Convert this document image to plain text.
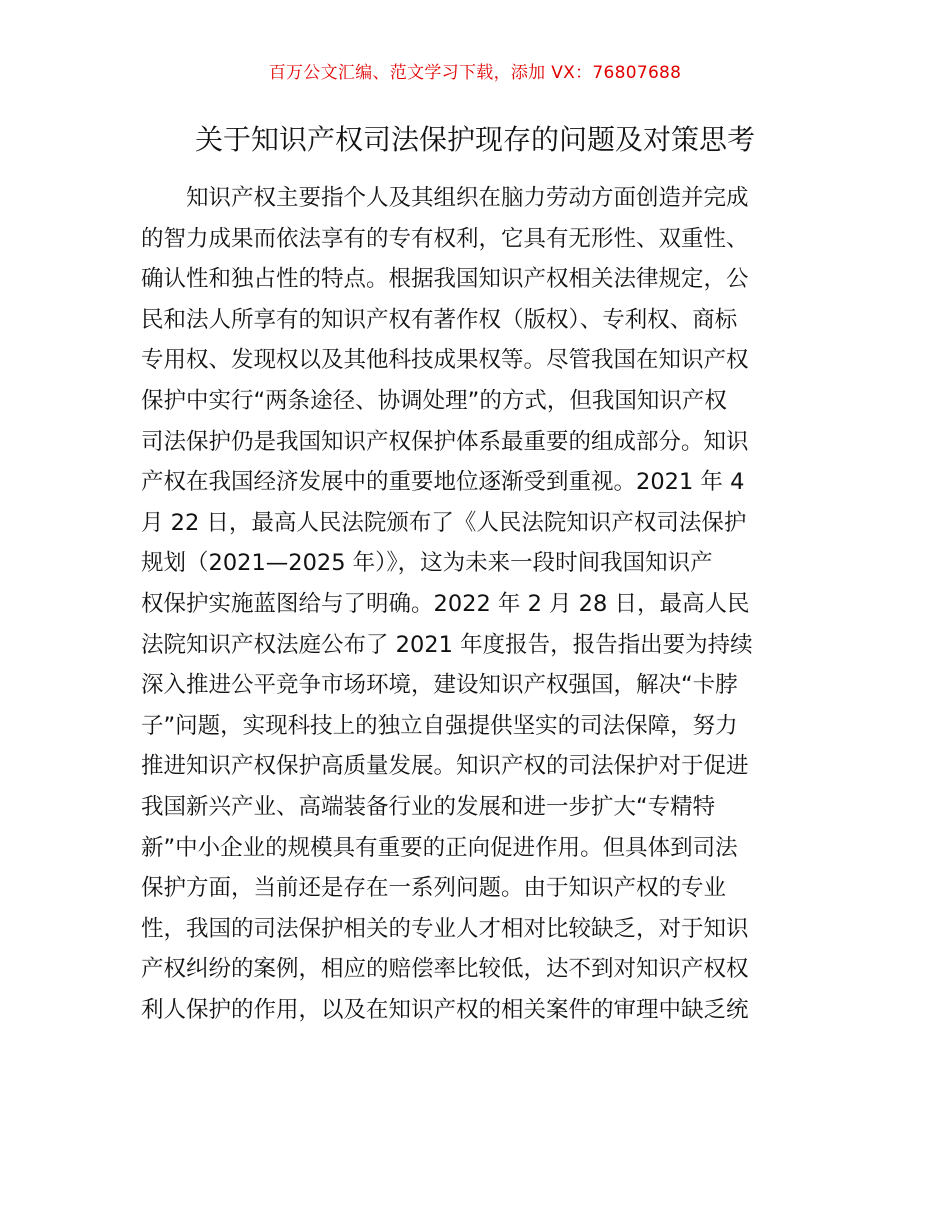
百万公文汇编、范文学习下载，添加 VX：76807688
关于知识产权司法保护现存的问题及对策思考
知识产权主要指个人及其组织在脑力劳动方面创造并完成
的智力成果而依法享有的专有权利，它具有无形性、双重性、
确认性和独占性的特点。根据我国知识产权相关法律规定，公
民和法人所享有的知识产权有著作权（版权）、专利权、商标
专用权、发现权以及其他科技成果权等。尽管我国在知识产权
保护中实行“两条途径、协调处理”的方式，但我国知识产权
司法保护仍是我国知识产权保护体系最重要的组成部分。知识
产权在我国经济发展中的重要地位逐渐受到重视。2021 年 4
月 22 日，最高人民法院颁布了《人民法院知识产权司法保护
规划（2021—2025 年）》，这为未来一段时间我国知识产
权保护实施蓝图给与了明确。2022 年 2 月 28 日，最高人民
法院知识产权法庭公布了 2021 年度报告，报告指出要为持续
深入推进公平竞争市场环境，建设知识产权强国，解决“卡脖
子”问题，实现科技上的独立自强提供坚实的司法保障，努力
推进知识产权保护高质量发展。知识产权的司法保护对于促进
我国新兴产业、高端装备行业的发展和进一步扩大“专精特
新”中小企业的规模具有重要的正向促进作用。但具体到司法
保护方面，当前还是存在一系列问题。由于知识产权的专业
性，我国的司法保护相关的专业人才相对比较缺乏，对于知识
产权纠纷的案例，相应的赔偿率比较低，达不到对知识产权权
利人保护的作用，以及在知识产权的相关案件的审理中缺乏统
